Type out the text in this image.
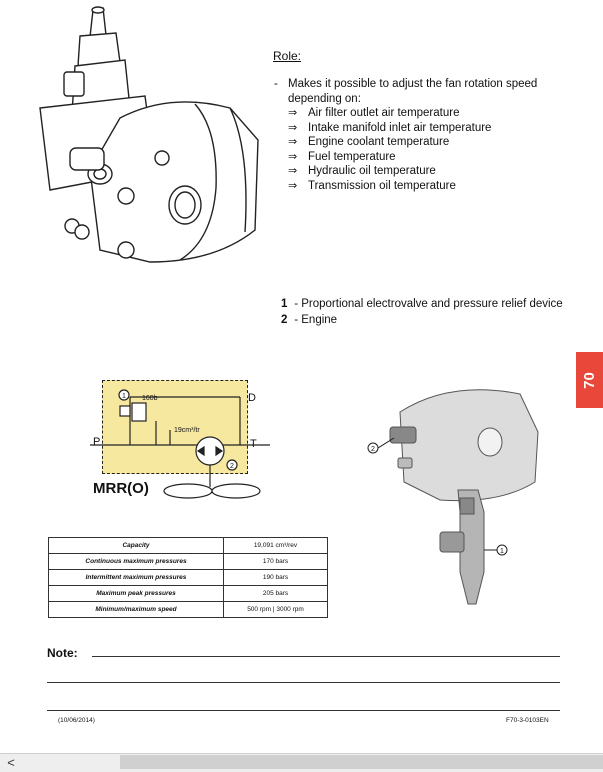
Role:
- Makes it possible to adjust the fan rotation speed depending on:
⇒ Air filter outlet air temperature
⇒ Intake manifold inlet air temperature
⇒ Engine coolant temperature
⇒ Fuel temperature
⇒ Hydraulic oil temperature
⇒ Transmission oil temperature
1 - Proportional electrovalve and pressure relief device
2 - Engine
70
160b
19cm³/tr
1
2
P	T
D
MRR(O)
2
1
Capacity	19,091 cm³/rev
Continuous maximum pressures	170 bars
Intermittent maximum pressures	190 bars
Maximum peak pressures	205 bars
Minimum/maximum speed	500 rpm | 3000 rpm
Note:
(10/06/2014)	F70-3-0103EN
<
